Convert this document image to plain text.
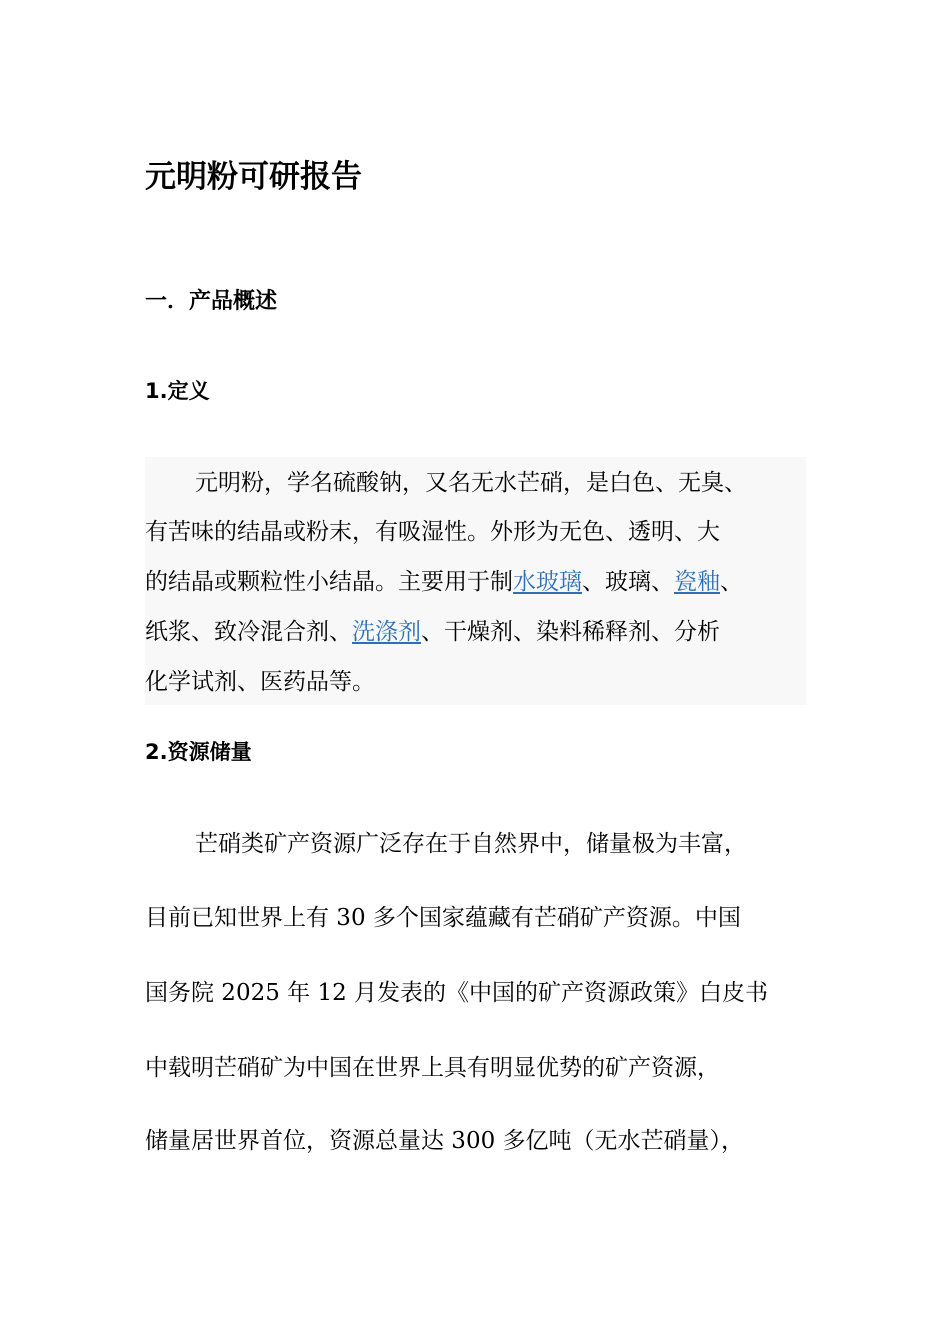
元明粉可研报告
一．产品概述
1.定义

元明粉，学名硫酸钠，又名无水芒硝，是白色、无臭、

有苦味的结晶或粉末，有吸湿性。外形为无色、透明、大

的结晶或颗粒性小结晶。主要用于制水玻璃、玻璃、瓷釉、

纸浆、致冷混合剂、洗涤剂、干燥剂、染料稀释剂、分析

化学试剂、医药品等。

2.资源储量

芒硝类矿产资源广泛存在于自然界中，储量极为丰富，

目前已知世界上有 30 多个国家蕴藏有芒硝矿产资源。中国

国务院 2025 年 12 月发表的《中国的矿产资源政策》白皮书

中载明芒硝矿为中国在世界上具有明显优势的矿产资源，

储量居世界首位，资源总量达 300 多亿吨（无水芒硝量），
